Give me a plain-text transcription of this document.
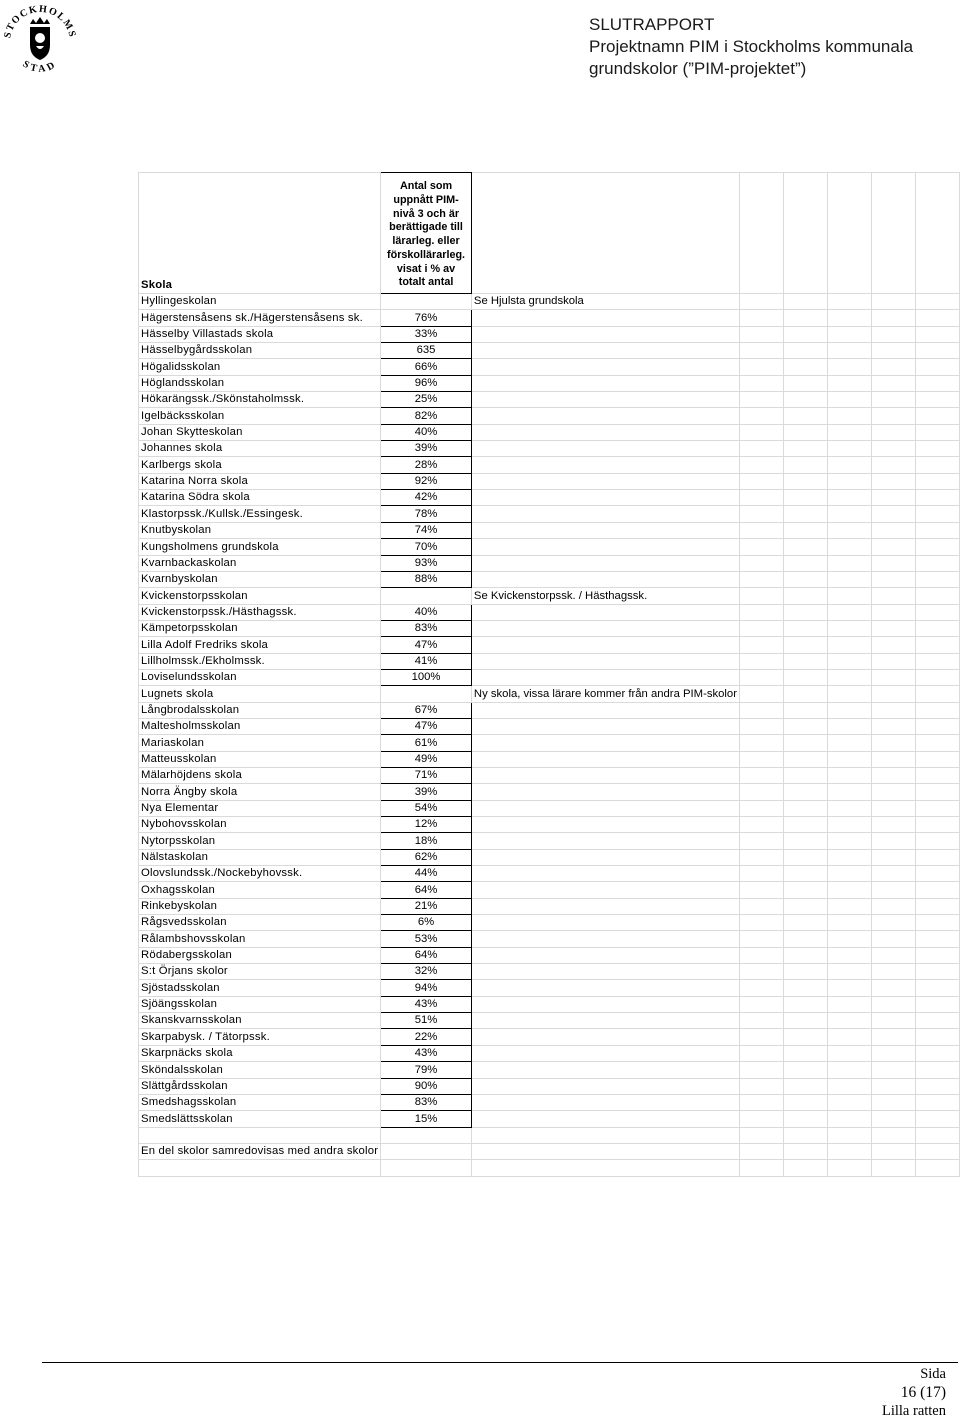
STOCKHOLMS
STAD
SLUTRAPPORT
Projektnamn PIM i Stockholms kommunala
grundskolor (”PIM-projektet”)
Skola	Antal som uppnått PIM-nivå 3 och är berättigade till lärarleg. eller förskollärarleg. visat i % av totalt antal						
Hyllingeskolan		Se Hjulsta grundskola					
Hägerstensåsens sk./Hägerstensåsens sk.	76%						
Hässelby Villastads skola	33%						
Hässelbygårdsskolan	635						
Högalidsskolan	66%						
Höglandsskolan	96%						
Hökarängssk./Skönstaholmssk.	25%						
Igelbäcksskolan	82%						
Johan Skytteskolan	40%						
Johannes skola	39%						
Karlbergs skola	28%						
Katarina Norra skola	92%						
Katarina Södra skola	42%						
Klastorpssk./Kullsk./Essingesk.	78%						
Knutbyskolan	74%						
Kungsholmens grundskola	70%						
Kvarnbackaskolan	93%						
Kvarnbyskolan	88%						
Kvickenstorpsskolan		Se Kvickenstorpssk. / Hästhagssk.					
Kvickenstorpssk./Hästhagssk.	40%						
Kämpetorpsskolan	83%						
Lilla Adolf Fredriks skola	47%						
Lillholmssk./Ekholmssk.	41%						
Loviselundsskolan	100%						
Lugnets skola		Ny skola, vissa lärare kommer från andra PIM-skolor					
Långbrodalsskolan	67%						
Maltesholmsskolan	47%						
Mariaskolan	61%						
Matteusskolan	49%						
Mälarhöjdens skola	71%						
Norra Ängby skola	39%						
Nya Elementar	54%						
Nybohovsskolan	12%						
Nytorpsskolan	18%						
Nälstaskolan	62%						
Olovslundssk./Nockebyhovssk.	44%						
Oxhagsskolan	64%						
Rinkebyskolan	21%						
Rågsvedsskolan	6%						
Rålambshovsskolan	53%						
Rödabergsskolan	64%						
S:t Örjans skolor	32%						
Sjöstadsskolan	94%						
Sjöängsskolan	43%						
Skanskvarnsskolan	51%						
Skarpabysk. / Tätorpssk.	22%						
Skarpnäcks skola	43%						
Sköndalsskolan	79%						
Slättgårdsskolan	90%						
Smedshagsskolan	83%						
Smedslättsskolan	15%						

En del skolor samredovisas med andra skolor							

Sida
16 (17)
Lilla ratten
